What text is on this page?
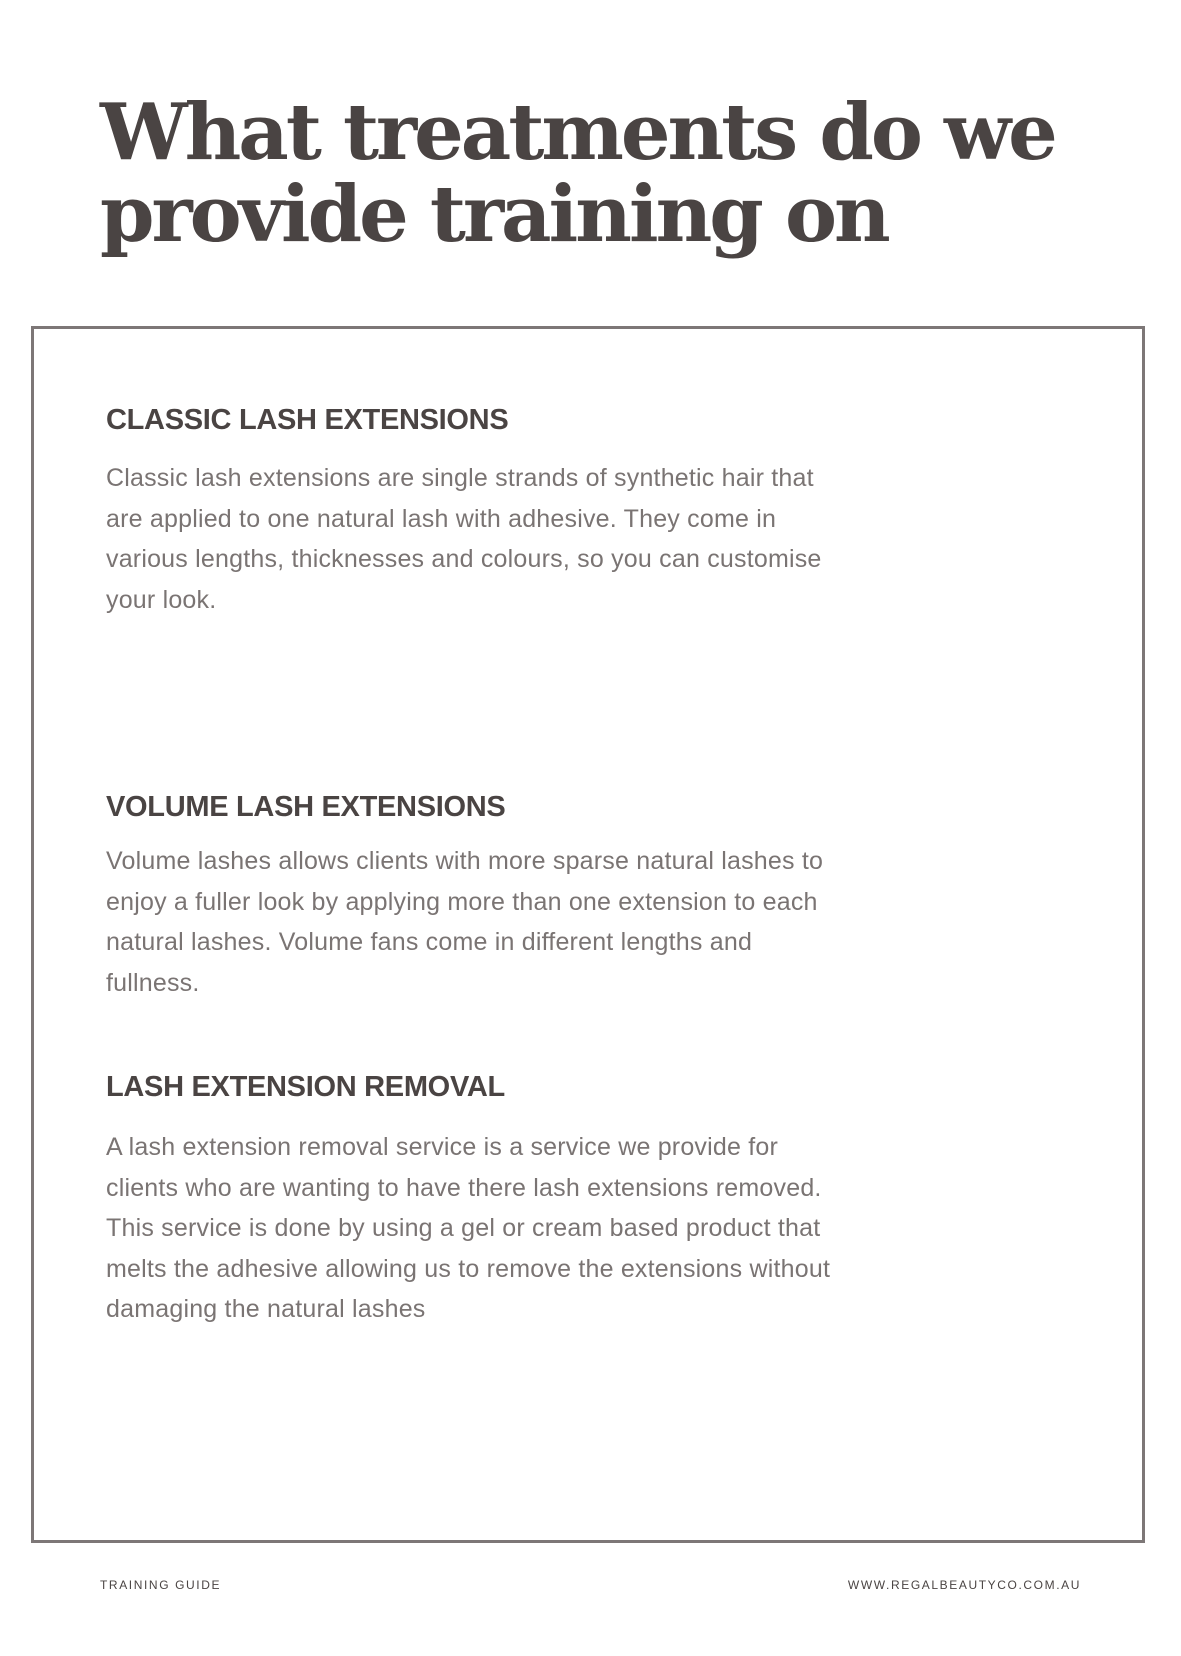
What treatments do we provide training on
CLASSIC LASH EXTENSIONS

Classic lash extensions are single strands of synthetic hair that are applied to one natural lash with adhesive. They come in various lengths, thicknesses and colours, so you can customise your look.

VOLUME LASH EXTENSIONS

Volume lashes allows clients with more sparse natural lashes to enjoy a fuller look by applying more than one extension to each natural lashes. Volume fans come in different lengths and fullness.

LASH EXTENSION REMOVAL

A lash extension removal service is a service we provide for clients who are wanting to have there lash extensions removed. This service is done by using a gel or cream based product that melts the adhesive allowing us to remove the extensions without damaging the natural lashes

TRAINING GUIDE	WWW.REGALBEAUTYCO.COM.AU
